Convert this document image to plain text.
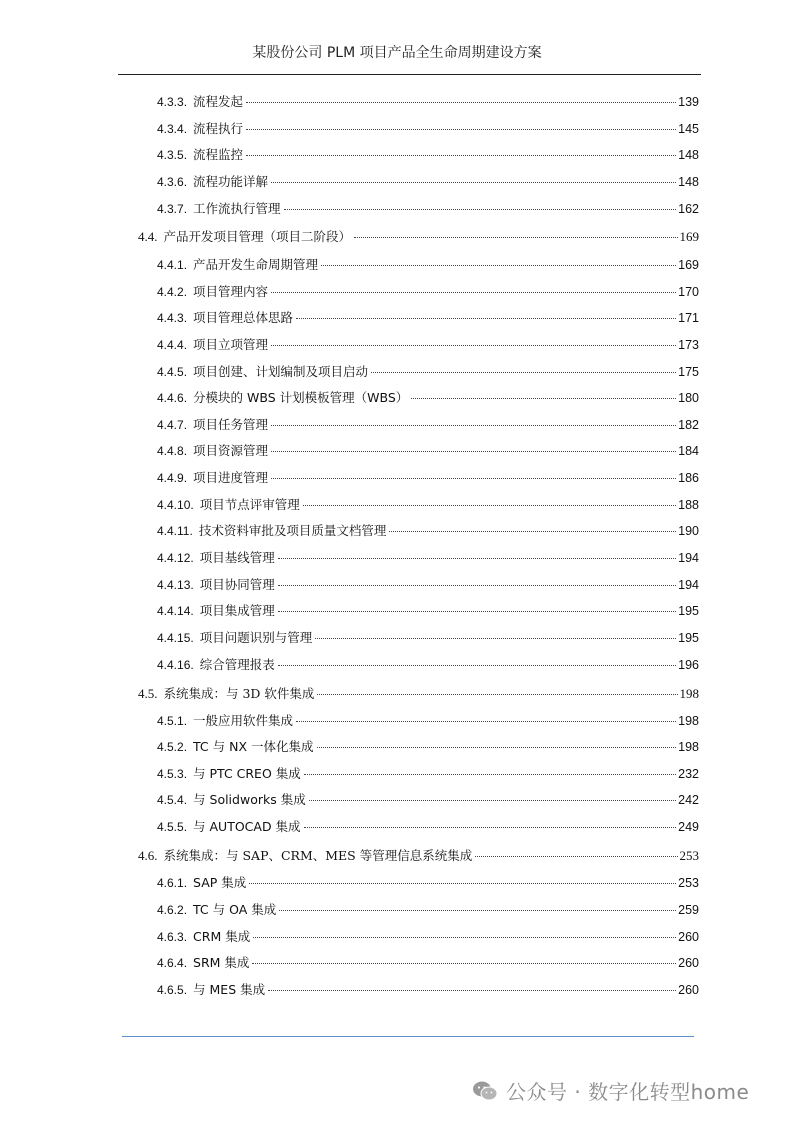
某股份公司 PLM 项目产品全生命周期建设方案
4.3.3. 流程发起	139
4.3.4. 流程执行	145
4.3.5. 流程监控	148
4.3.6. 流程功能详解	148
4.3.7. 工作流执行管理	162
4.4. 产品开发项目管理（项目二阶段）	169
4.4.1. 产品开发生命周期管理	169
4.4.2. 项目管理内容	170
4.4.3. 项目管理总体思路	171
4.4.4. 项目立项管理	173
4.4.5. 项目创建、计划编制及项目启动	175
4.4.6. 分模块的 WBS 计划模板管理（WBS）	180
4.4.7. 项目任务管理	182
4.4.8. 项目资源管理	184
4.4.9. 项目进度管理	186
4.4.10. 项目节点评审管理	188
4.4.11. 技术资料审批及项目质量文档管理	190
4.4.12. 项目基线管理	194
4.4.13. 项目协同管理	194
4.4.14. 项目集成管理	195
4.4.15. 项目问题识别与管理	195
4.4.16. 综合管理报表	196
4.5. 系统集成：与 3D 软件集成	198
4.5.1. 一般应用软件集成	198
4.5.2. TC 与 NX 一体化集成	198
4.5.3. 与 PTC CREO 集成	232
4.5.4. 与 Solidworks 集成	242
4.5.5. 与 AUTOCAD 集成	249
4.6. 系统集成：与 SAP、CRM、MES 等管理信息系统集成	253
4.6.1. SAP 集成	253
4.6.2. TC 与 OA 集成	259
4.6.3. CRM 集成	260
4.6.4. SRM 集成	260
4.6.5. 与 MES 集成	260
公众号 · 数字化转型home
